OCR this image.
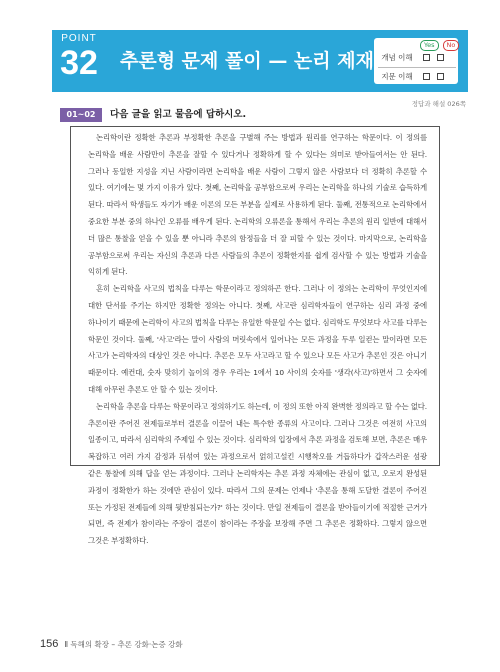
POINT
32	추론형 문제 풀이 — 논리 제재
Yes	No
개념 이해
지문 이해
정답과 해설 026쪽
01~02	다음 글을 읽고 물음에 답하시오.

논리학이란 정확한 추론과 부정확한 추론을 구별해 주는 방법과 원리를 연구하는 학문이다. 이 정의를 논리학을 배운 사람만이 추론을 잘할 수 있다거나 정확하게 할 수 있다는 의미로 받아들여서는 안 된다. 그러나 동일한 지성을 지닌 사람이라면 논리학을 배운 사람이 그렇지 않은 사람보다 더 정확히 추론할 수 있다. 여기에는 몇 가지 이유가 있다. 첫째, 논리학을 공부함으로써 우리는 논리학을 하나의 기술로 습득하게 된다. 따라서 학생들도 자기가 배운 이론의 모든 부분을 실제로 사용하게 된다. 둘째, 전통적으로 논리학에서 중요한 부분 중의 하나인 오류를 배우게 된다. 논리학의 오류론을 통해서 우리는 추론의 원리 일반에 대해서 더 많은 통찰을 얻을 수 있을 뿐 아니라 추론의 함정들을 더 잘 피할 수 있는 것이다. 마지막으로, 논리학을 공부함으로써 우리는 자신의 추론과 다른 사람들의 추론이 정확한지를 쉽게 검사할 수 있는 방법과 기술을 익히게 된다.

흔히 논리학을 사고의 법칙을 다루는 학문이라고 정의하곤 한다. 그러나 이 정의는 논리학이 무엇인지에 대한 단서를 주기는 하지만 정확한 정의는 아니다. 첫째, 사고란 심리학자들이 연구하는 심리 과정 중에 하나이기 때문에 논리학이 사고의 법칙을 다루는 유일한 학문일 수는 없다. 심리학도 무엇보다 사고를 다루는 학문인 것이다. 둘째, '사고'라는 말이 사람의 머릿속에서 일어나는 모든 과정을 두루 일컫는 말이라면 모든 사고가 논리학자의 대상인 것은 아니다. 추론은 모두 사고라고 할 수 있으나 모든 사고가 추론인 것은 아니기 때문이다. 예컨대, 숫자 맞히기 놀이의 경우 우리는 1에서 10 사이의 숫자를 '생각(사고)'하면서 그 숫자에 대해 아무런 추론도 안 할 수 있는 것이다.

논리학을 추론을 다루는 학문이라고 정의하기도 하는데, 이 정의 또한 아직 완벽한 정의라고 할 수는 없다. 추론이란 주어진 전제들로부터 결론을 이끌어 내는 특수한 종류의 사고이다. 그러나 그것은 여전히 사고의 일종이고, 따라서 심리학의 주제일 수 있는 것이다. 심리학의 입장에서 추론 과정을 검토해 보면, 추론은 매우 복잡하고 여러 가지 감정과 뒤섞여 있는 과정으로서 얽히고설킨 시행착오를 거듭하다가 갑작스러운 섬광 같은 통찰에 의해 답을 얻는 과정이다. 그러나 논리학자는 추론 과정 자체에는 관심이 없고, 오로지 완성된 과정이 정확한가 하는 것에만 관심이 있다. 따라서 그의 문제는 언제나 '추론을 통해 도달한 결론이 주어진 또는 가정된 전제들에 의해 뒷받침되는가?' 하는 것이다. 만일 전제들이 결론을 받아들이기에 적절한 근거가 되면, 즉 전제가 참이라는 주장이 결론이 참이라는 주장을 보장해 주면 그 추론은 정확하다. 그렇지 않으면 그것은 부정확하다.

156 Ⅱ 독해의 확장 – 추론 강화·논증 강화
